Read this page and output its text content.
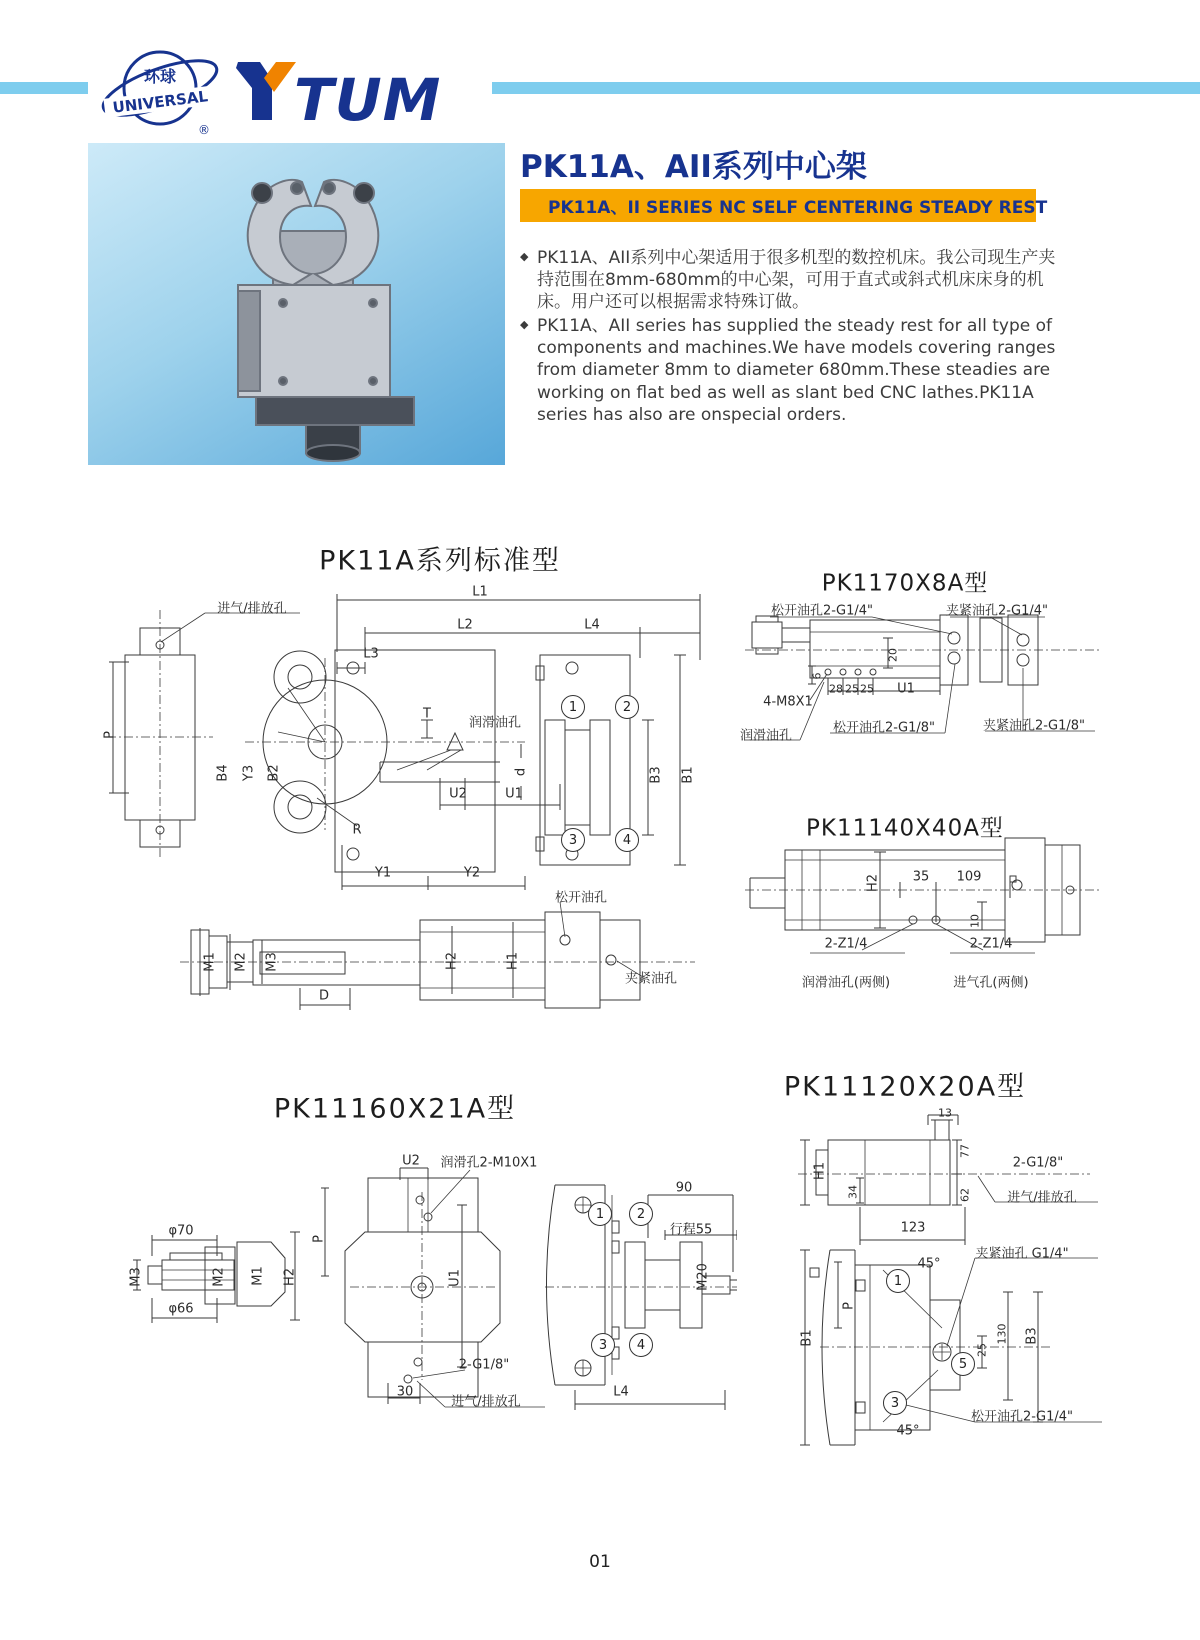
环球
UNIVERSAL
® TUM
PK11A、AII系列中心架
PK11A、II SERIES NC SELF CENTERING STEADY REST

◆ PK11A、AII系列中心架适用于很多机型的数控机床。我公司现生产夹持范围在8mm-680mm的中心架，可用于直式或斜式机床床身的机床。用户还可以根据需求特殊订做。

◆ PK11A、AII series has supplied the steady rest for all type of components and machines.We have models covering ranges from diameter 8mm to diameter 680mm.These steadies are working on flat bed as well as slant bed CNC lathes.PK11A series has also are onspecial orders.

PK11A系列标准型
进气/排放孔
L1
L2	L4
L3
P
B4 Y3 B2
T
润滑油孔
d
U2	U1
R
Y1	Y2
1	2
3	4
B3 B1
M1 M2 M3
D
H2	H1
松开油孔
夹紧油孔
PK1170X8A型
松开油孔2-G1/4"	夹紧油孔2-G1/4"
20
6
4-M8X1
28 25 25 U1
润滑油孔
松开油孔2-G1/8"	夹紧油孔2-G1/8"
PK11140X40A型
H2 35 109
10
2-Z1/4	2-Z1/4
润滑油孔(两侧)	进气孔(两侧)
PK11160X21A型
U2 润滑孔2-M10X1
φ70
M3
φ66
M2 M1 H2
P
U1
2-G1/8"
30
进气/排放孔
90
行程55
1	2
3	4
M20
L4
PK11120X20A型
13
H1
77
2-G1/8"
62	进气/排放孔
34
123
夹紧油孔 G1/4"
45°
1
P
B1	130 B3
25
5
3
45°
松开油孔2-G1/4"
01
